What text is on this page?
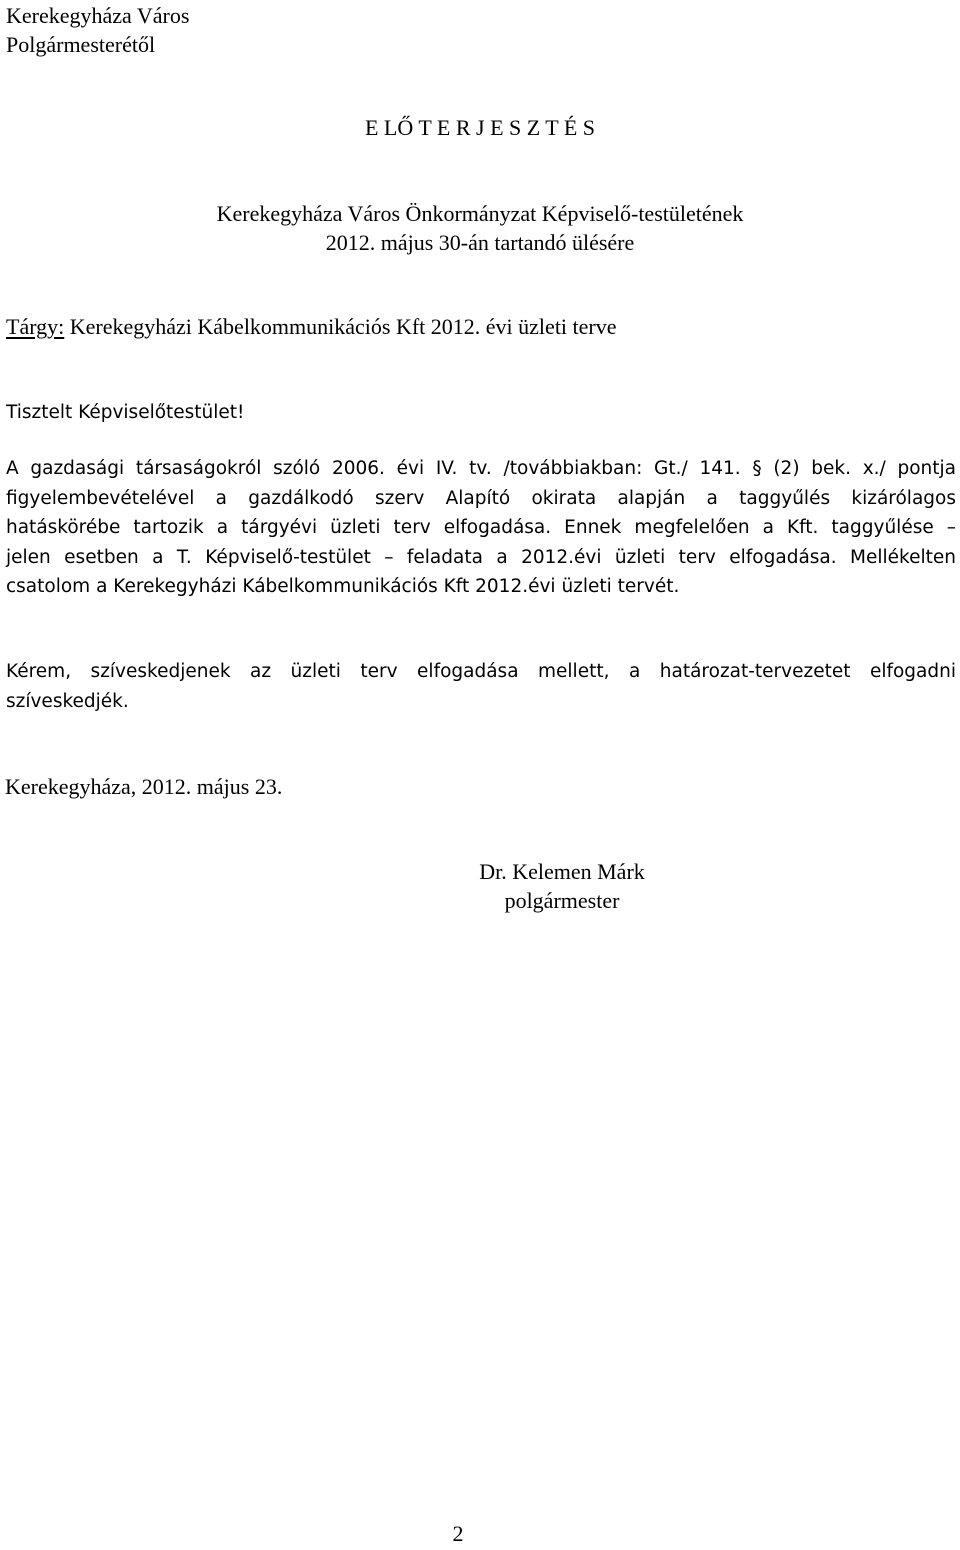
Kerekegyháza Város
Polgármesterétől
E LŐ T E R J E S Z T É S
Kerekegyháza Város Önkormányzat Képviselő-testületének
2012. május 30-án tartandó ülésére
Tárgy: Kerekegyházi Kábelkommunikációs Kft 2012. évi üzleti terve
Tisztelt Képviselőtestület!
A gazdasági társaságokról szóló 2006. évi IV. tv. /továbbiakban: Gt./ 141. § (2) bek. x./ pontja
figyelembevételével a gazdálkodó szerv Alapító okirata alapján a taggyűlés kizárólagos
hatáskörébe tartozik a tárgyévi üzleti terv elfogadása. Ennek megfelelően a Kft. taggyűlése –
jelen esetben a T. Képviselő-testület – feladata a 2012.évi üzleti terv elfogadása. Mellékelten
csatolom a Kerekegyházi Kábelkommunikációs Kft 2012.évi üzleti tervét.
Kérem, szíveskedjenek az üzleti terv elfogadása mellett, a határozat-tervezetet elfogadni
szíveskedjék.
Kerekegyháza, 2012. május 23.
Dr. Kelemen Márk
polgármester
2
